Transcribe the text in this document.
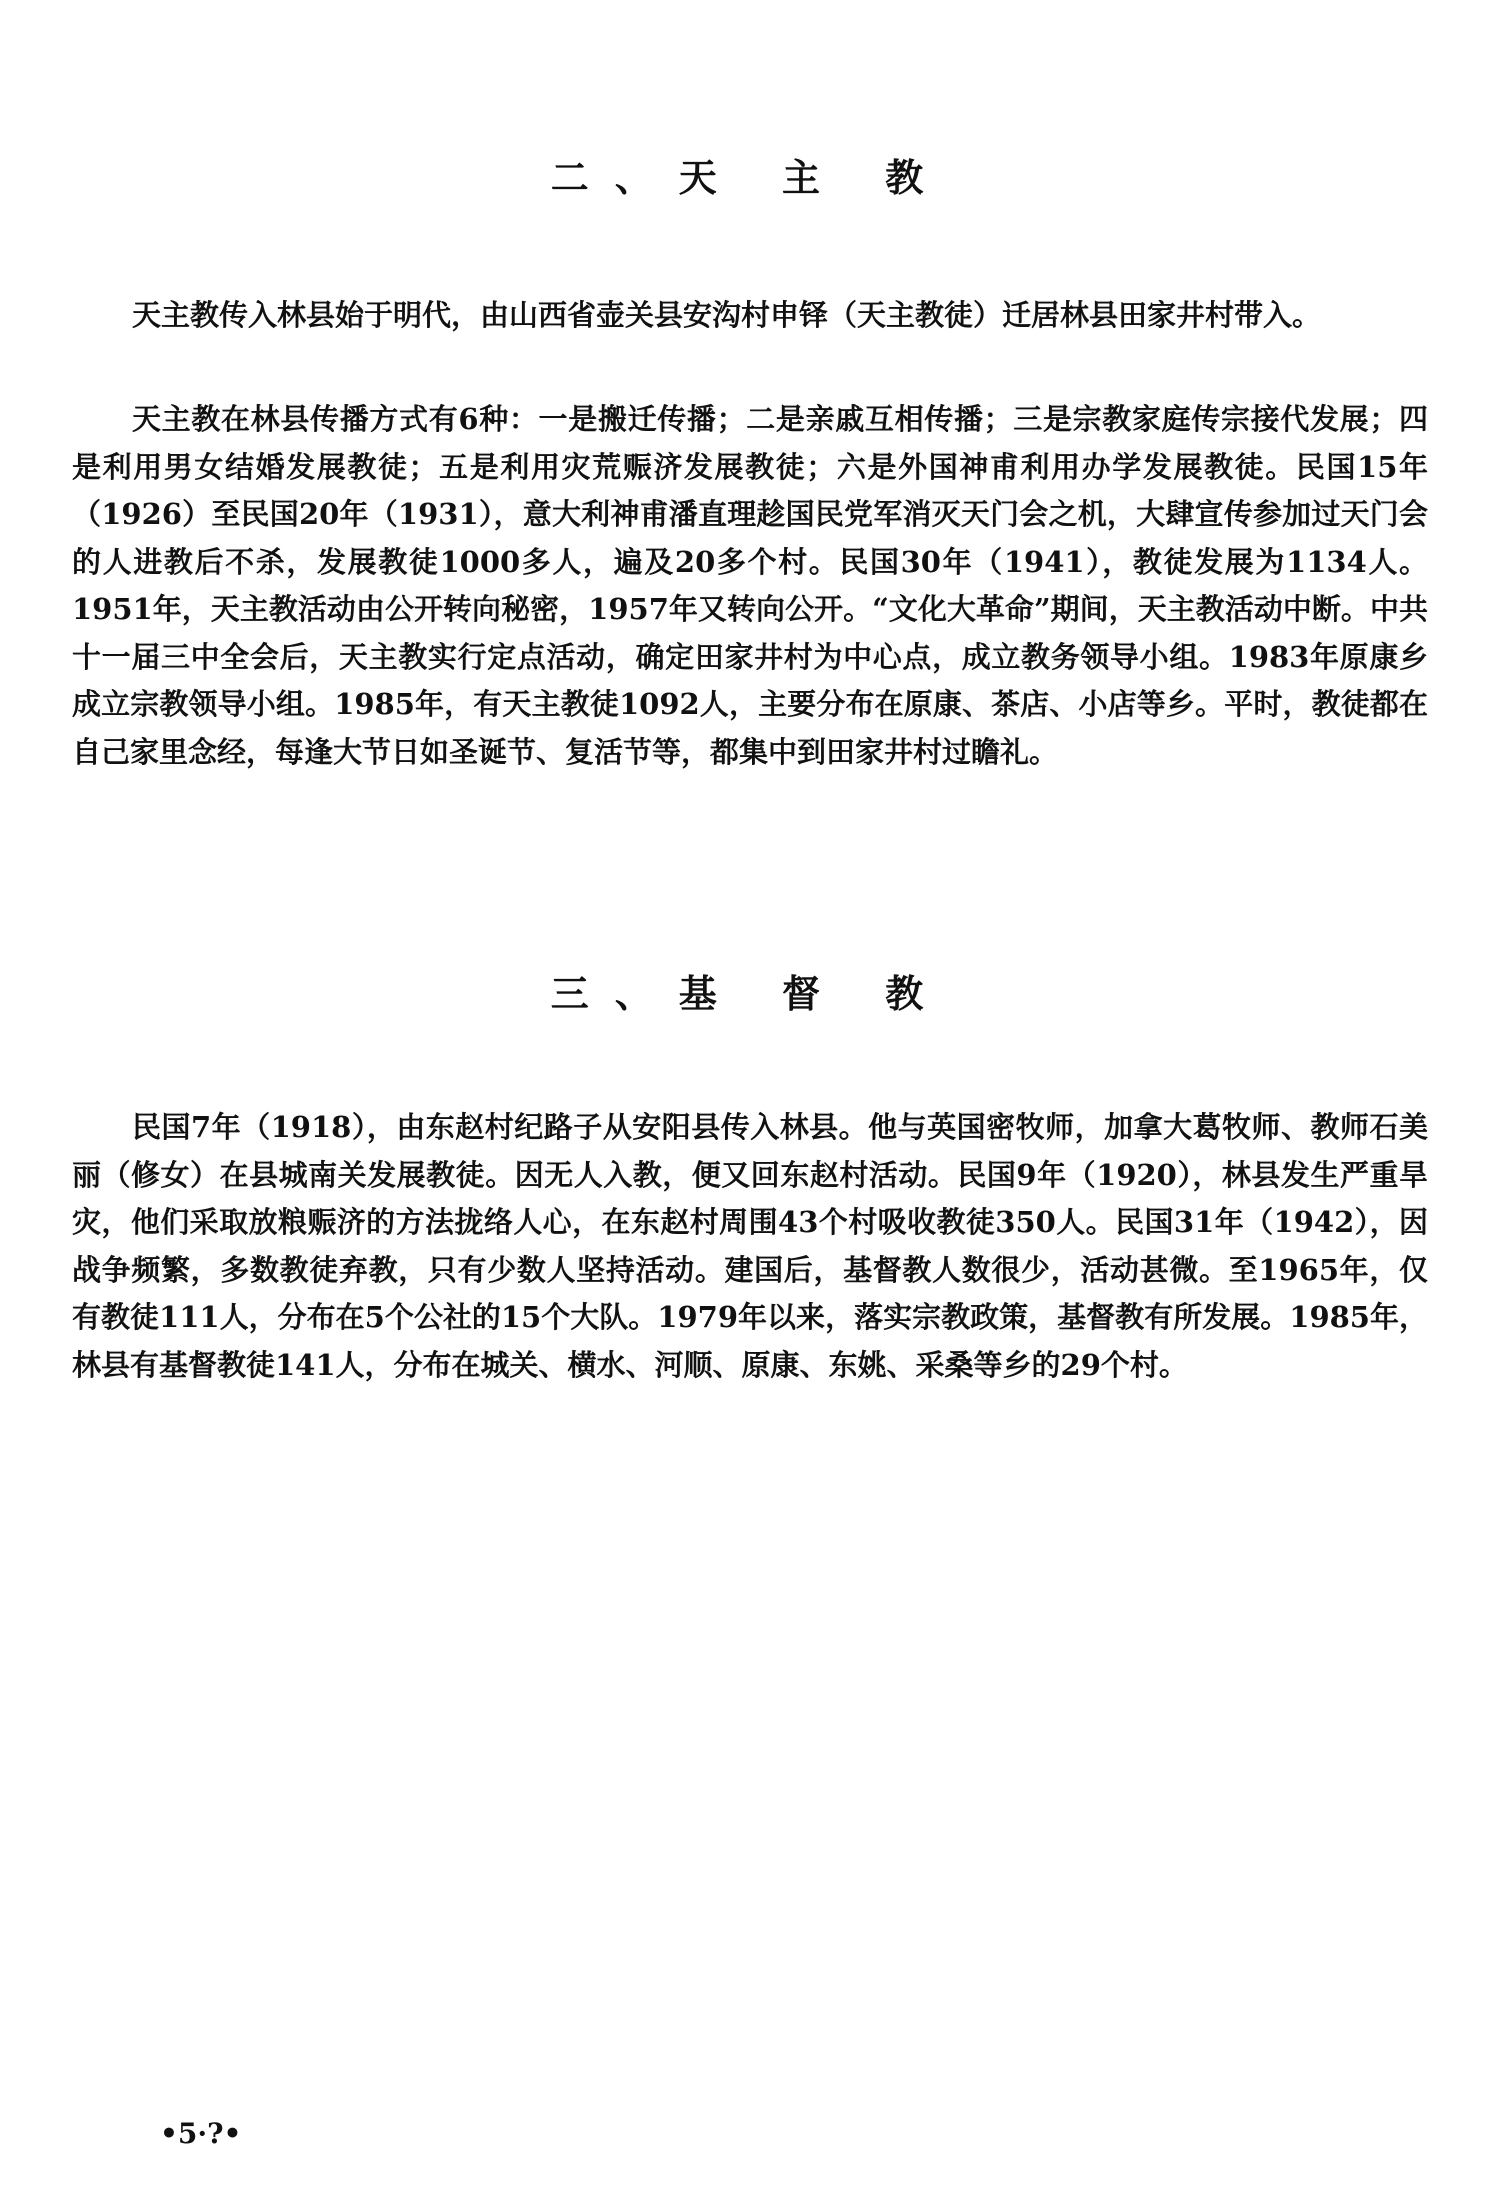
二、天 主 教

天主教传入林县始于明代，由山西省壶关县安沟村申铎（天主教徒）迁居林县田家井村带入。

天主教在林县传播方式有6种：一是搬迁传播；二是亲戚互相传播；三是宗教家庭传宗接代发展；四是利用男女结婚发展教徒；五是利用灾荒赈济发展教徒；六是外国神甫利用办学发展教徒。民国15年（1926）至民国20年（1931），意大利神甫潘直理趁国民党军消灭天门会之机，大肆宣传参加过天门会的人进教后不杀，发展教徒1000多人，遍及20多个村。民国30年（1941），教徒发展为1134人。1951年，天主教活动由公开转向秘密，1957年又转向公开。“文化大革命”期间，天主教活动中断。中共十一届三中全会后，天主教实行定点活动，确定田家井村为中心点，成立教务领导小组。1983年原康乡成立宗教领导小组。1985年，有天主教徒1092人，主要分布在原康、茶店、小店等乡。平时，教徒都在自己家里念经，每逢大节日如圣诞节、复活节等，都集中到田家井村过瞻礼。

三、基 督 教

民国7年（1918），由东赵村纪路子从安阳县传入林县。他与英国密牧师，加拿大葛牧师、教师石美丽（修女）在县城南关发展教徒。因无人入教，便又回东赵村活动。民国9年（1920），林县发生严重旱灾，他们采取放粮赈济的方法拢络人心，在东赵村周围43个村吸收教徒350人。民国31年（1942），因战争频繁，多数教徒弃教，只有少数人坚持活动。建国后，基督教人数很少，活动甚微。至1965年，仅有教徒111人，分布在5个公社的15个大队。1979年以来，落实宗教政策，基督教有所发展。1985年，林县有基督教徒141人，分布在城关、横水、河顺、原康、东姚、采桑等乡的29个村。

•5·?•
